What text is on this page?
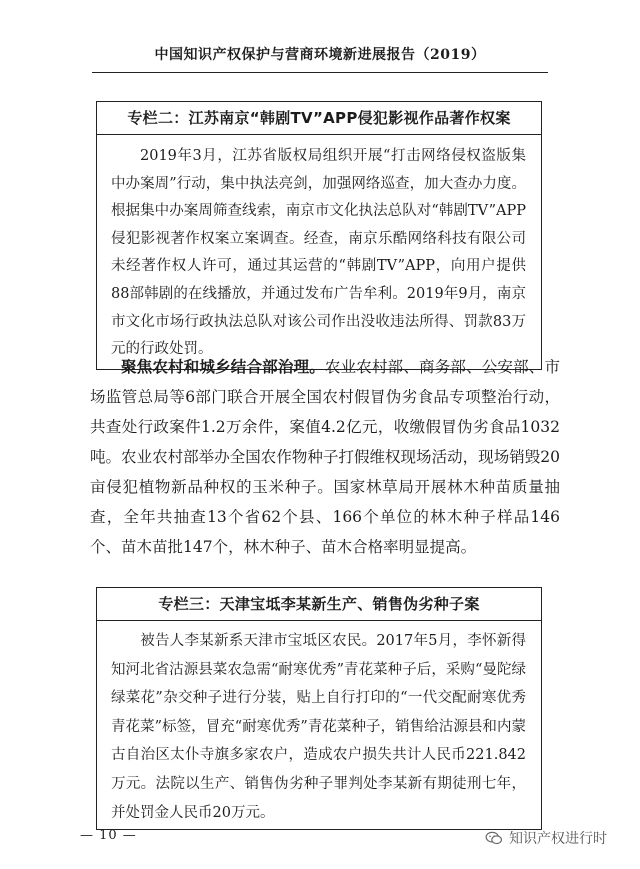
中国知识产权保护与营商环境新进展报告（2019）
专栏二：江苏南京“韩剧TV”APP侵犯影视作品著作权案
2019年3月，江苏省版权局组织开展“打击网络侵权盗版集中办案周”行动，集中执法亮剑，加强网络巡查，加大查办力度。根据集中办案周筛查线索，南京市文化执法总队对“韩剧TV”APP侵犯影视著作权案立案调查。经查，南京乐酷网络科技有限公司未经著作权人许可，通过其运营的“韩剧TV”APP，向用户提供88部韩剧的在线播放，并通过发布广告牟利。2019年9月，南京市文化市场行政执法总队对该公司作出没收违法所得、罚款83万元的行政处罚。
聚焦农村和城乡结合部治理。农业农村部、商务部、公安部、市场监管总局等6部门联合开展全国农村假冒伪劣食品专项整治行动，共查处行政案件1.2万余件，案值4.2亿元，收缴假冒伪劣食品1032吨。农业农村部举办全国农作物种子打假维权现场活动，现场销毁20亩侵犯植物新品种权的玉米种子。国家林草局开展林木种苗质量抽查，全年共抽查13个省62个县、166个单位的林木种子样品146个、苗木苗批147个，林木种子、苗木合格率明显提高。
专栏三：天津宝坻李某新生产、销售伪劣种子案
被告人李某新系天津市宝坻区农民。2017年5月，李怀新得知河北省沽源县菜农急需“耐寒优秀”青花菜种子后，采购“曼陀绿绿菜花”杂交种子进行分装，贴上自行打印的“一代交配耐寒优秀青花菜”标签，冒充“耐寒优秀”青花菜种子，销售给沽源县和内蒙古自治区太仆寺旗多家农户，造成农户损失共计人民币221.842万元。法院以生产、销售伪劣种子罪判处李某新有期徒刑七年，并处罚金人民币20万元。
— 10 —	知识产权进行时
